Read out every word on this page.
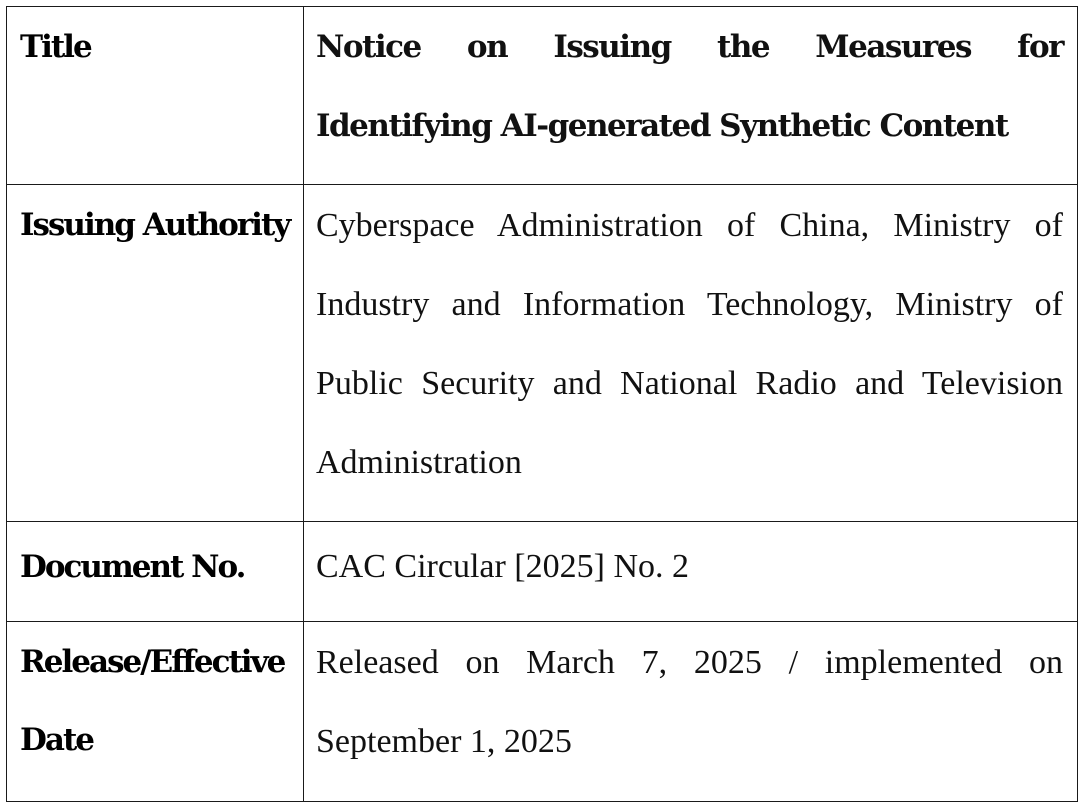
Title	Notice on Issuing the Measures for Identifying AI-generated Synthetic Content
Issuing Authority	Cyberspace Administration of China, Ministry of Industry and Information Technology, Ministry of Public Security and National Radio and Television Administration
Document No.	CAC Circular [2025] No. 2
Release/Effective Date	Released on March 7, 2025 / implemented on September 1, 2025
